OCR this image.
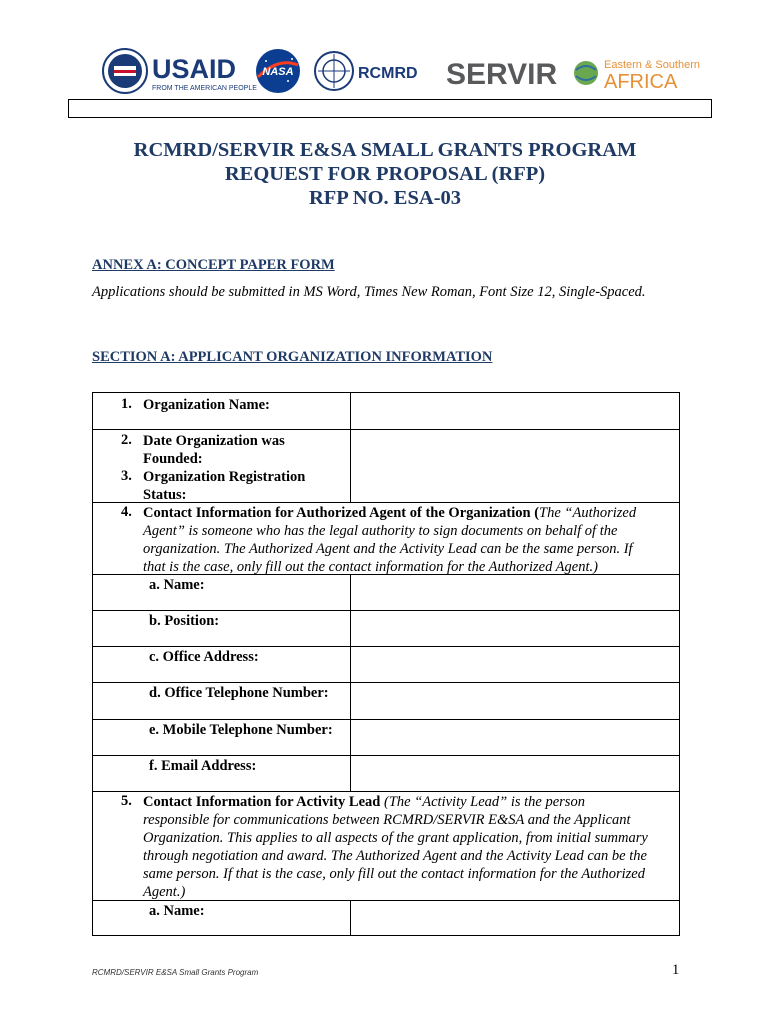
USAID
FROM THE AMERICAN PEOPLE
NASA	RCMRD SERVIR	Eastern & Southern
AFRICA
RCMRD/SERVIR E&SA SMALL GRANTS PROGRAM
REQUEST FOR PROPOSAL (RFP)
RFP NO. ESA-03
ANNEX A: CONCEPT PAPER FORM
Applications should be submitted in MS Word, Times New Roman, Font Size 12, Single-Spaced.
SECTION A: APPLICANT ORGANIZATION INFORMATION
1. Organization Name:
2. Date Organization was
Founded:
3. Organization Registration
Status:
4. Contact Information for Authorized Agent of the Organization (The “Authorized
Agent” is someone who has the legal authority to sign documents on behalf of the
organization. The Authorized Agent and the Activity Lead can be the same person. If
that is the case, only fill out the contact information for the Authorized Agent.)
a. Name:
b. Position:
c. Office Address:
d. Office Telephone Number:
e. Mobile Telephone Number:
f. Email Address:
5. Contact Information for Activity Lead (The “Activity Lead” is the person
responsible for communications between RCMRD/SERVIR E&SA and the Applicant
Organization. This applies to all aspects of the grant application, from initial summary
through negotiation and award. The Authorized Agent and the Activity Lead can be the
same person. If that is the case, only fill out the contact information for the Authorized
Agent.)
a. Name:
RCMRD/SERVIR E&SA Small Grants Program	1
